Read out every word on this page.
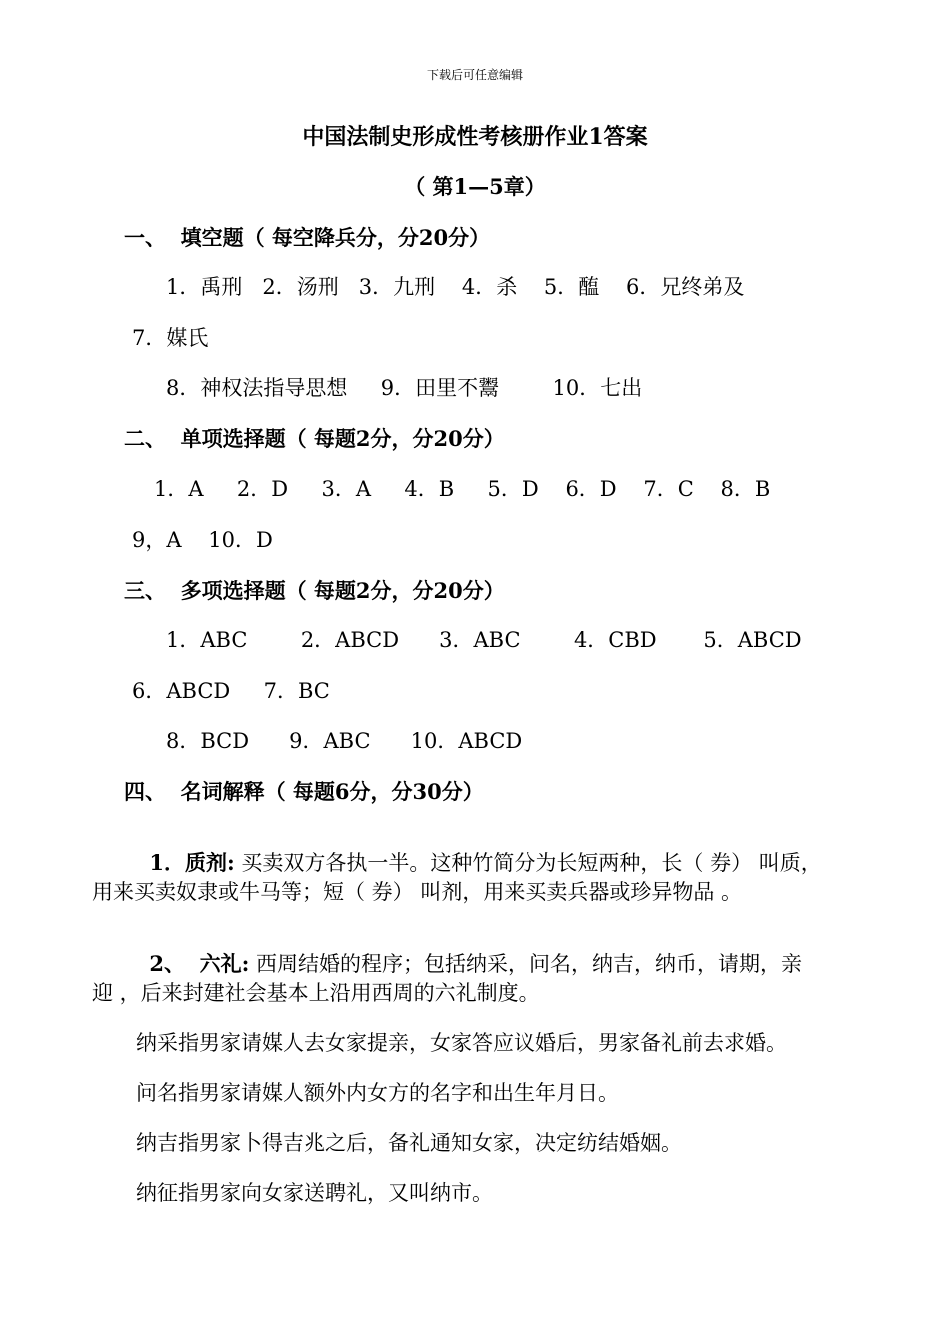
下载后可任意编辑
中国法制史形成性考核册作业1答案
（ 第1—5章）
一、  填空题（ 每空降兵分，分20分）
1．禹刑   2．汤刑   3．九刑    4．杀    5．醢    6．兄终弟及
7．媒氏
8．神权法指导思想     9．田里不鬻        10．七出
二、  单项选择题（ 每题2分，分20分）
1．A     2．D     3．A     4．B     5．D    6．D    7．C    8．B
9，A    10．D
三、  多项选择题（ 每题2分，分20分）
1．ABC        2．ABCD      3．ABC        4．CBD       5．ABCD
6．ABCD     7．BC
8．BCD      9．ABC      10．ABCD
四、  名词解释（ 每题6分，分30分）

1．质剂: 买卖双方各执一半。这种竹简分为长短两种，长（ 券） 叫质，

用来买卖奴隶或牛马等；短（ 券） 叫剂，用来买卖兵器或珍异物品 。

2、  六礼: 西周结婚的程序；包括纳采，问名，纳吉，纳币，请期，亲

迎 ，后来封建社会基本上沿用西周的六礼制度。
纳采指男家请媒人去女家提亲，女家答应议婚后，男家备礼前去求婚。
问名指男家请媒人额外内女方的名字和出生年月日。
纳吉指男家卜得吉兆之后，备礼通知女家，决定纺结婚姻。
纳征指男家向女家送聘礼，又叫纳市。
